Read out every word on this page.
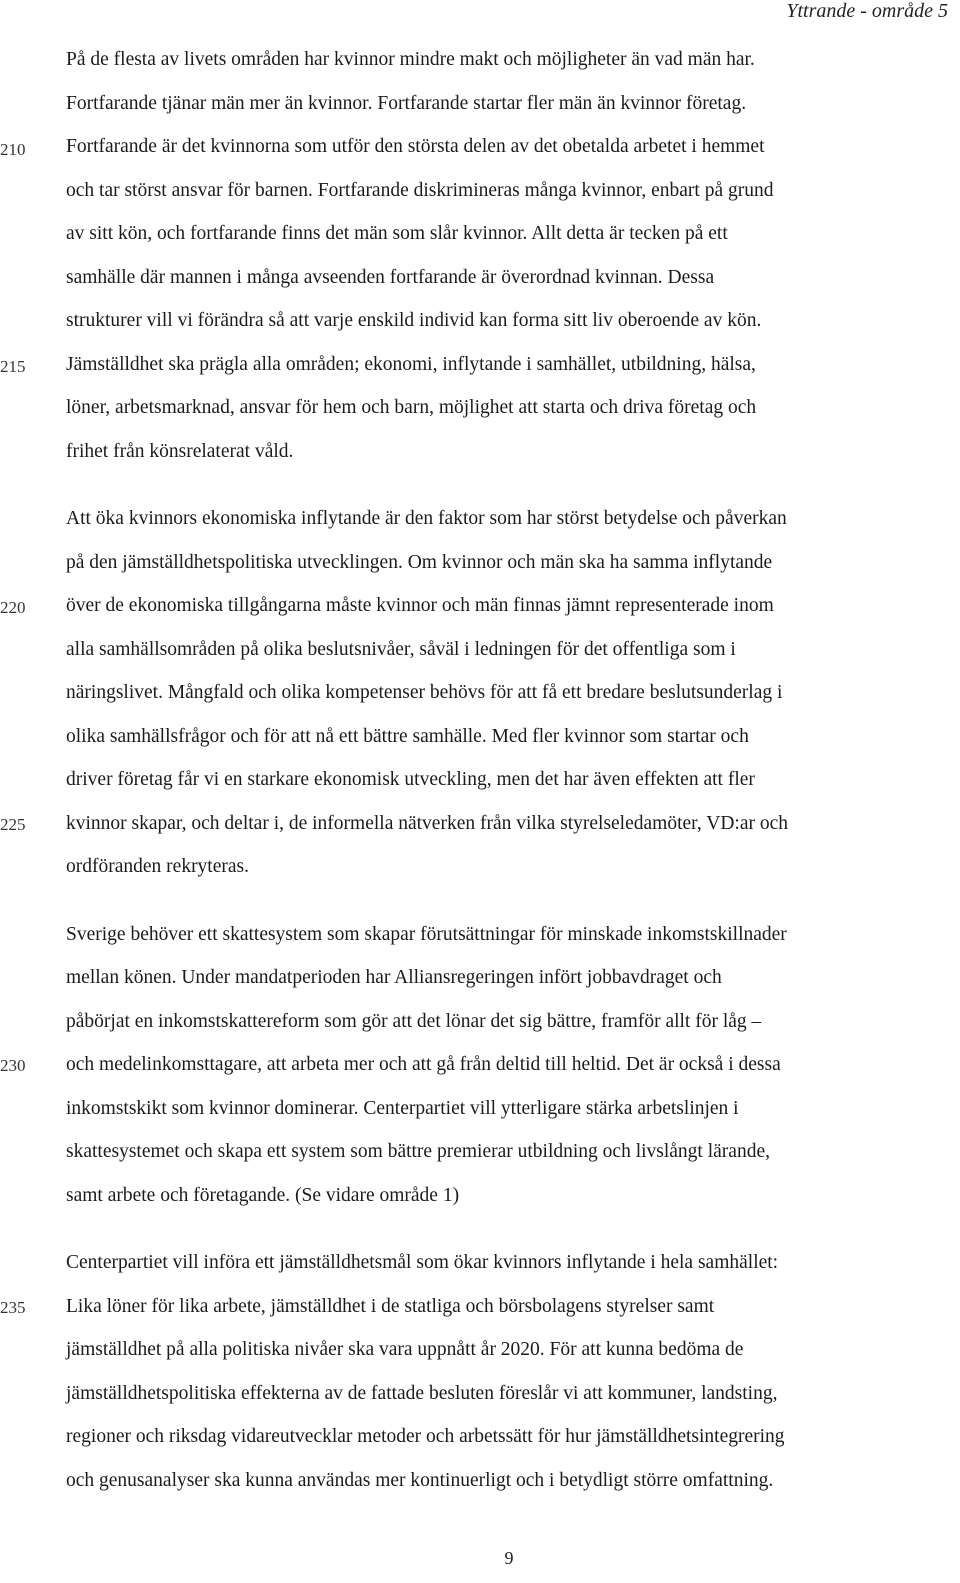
Yttrande - område 5
210
215
220
225
230
235
På de flesta av livets områden har kvinnor mindre makt och möjligheter än vad män har.
Fortfarande tjänar män mer än kvinnor. Fortfarande startar fler män än kvinnor företag.
Fortfarande är det kvinnorna som utför den största delen av det obetalda arbetet i hemmet
och tar störst ansvar för barnen. Fortfarande diskrimineras många kvinnor, enbart på grund
av sitt kön, och fortfarande finns det män som slår kvinnor. Allt detta är tecken på ett
samhälle där mannen i många avseenden fortfarande är överordnad kvinnan. Dessa
strukturer vill vi förändra så att varje enskild individ kan forma sitt liv oberoende av kön.
Jämställdhet ska prägla alla områden; ekonomi, inflytande i samhället, utbildning, hälsa,
löner, arbetsmarknad, ansvar för hem och barn, möjlighet att starta och driva företag och
frihet från könsrelaterat våld.
Att öka kvinnors ekonomiska inflytande är den faktor som har störst betydelse och påverkan
på den jämställdhetspolitiska utvecklingen. Om kvinnor och män ska ha samma inflytande
över de ekonomiska tillgångarna måste kvinnor och män finnas jämnt representerade inom
alla samhällsområden på olika beslutsnivåer, såväl i ledningen för det offentliga som i
näringslivet. Mångfald och olika kompetenser behövs för att få ett bredare beslutsunderlag i
olika samhällsfrågor och för att nå ett bättre samhälle. Med fler kvinnor som startar och
driver företag får vi en starkare ekonomisk utveckling, men det har även effekten att fler
kvinnor skapar, och deltar i, de informella nätverken från vilka styrelseledamöter, VD:ar och
ordföranden rekryteras.
Sverige behöver ett skattesystem som skapar förutsättningar för minskade inkomstskillnader
mellan könen. Under mandatperioden har Alliansregeringen infört jobbavdraget och
påbörjat en inkomstskattereform som gör att det lönar det sig bättre, framför allt för låg –
och medelinkomsttagare, att arbeta mer och att gå från deltid till heltid. Det är också i dessa
inkomstskikt som kvinnor dominerar. Centerpartiet vill ytterligare stärka arbetslinjen i
skattesystemet och skapa ett system som bättre premierar utbildning och livslångt lärande,
samt arbete och företagande. (Se vidare område 1)
Centerpartiet vill införa ett jämställdhetsmål som ökar kvinnors inflytande i hela samhället:
Lika löner för lika arbete, jämställdhet i de statliga och börsbolagens styrelser samt
jämställdhet på alla politiska nivåer ska vara uppnått år 2020. För att kunna bedöma de
jämställdhetspolitiska effekterna av de fattade besluten föreslår vi att kommuner, landsting,
regioner och riksdag vidareutvecklar metoder och arbetssätt för hur jämställdhetsintegrering
och genusanalyser ska kunna användas mer kontinuerligt och i betydligt större omfattning.
9
